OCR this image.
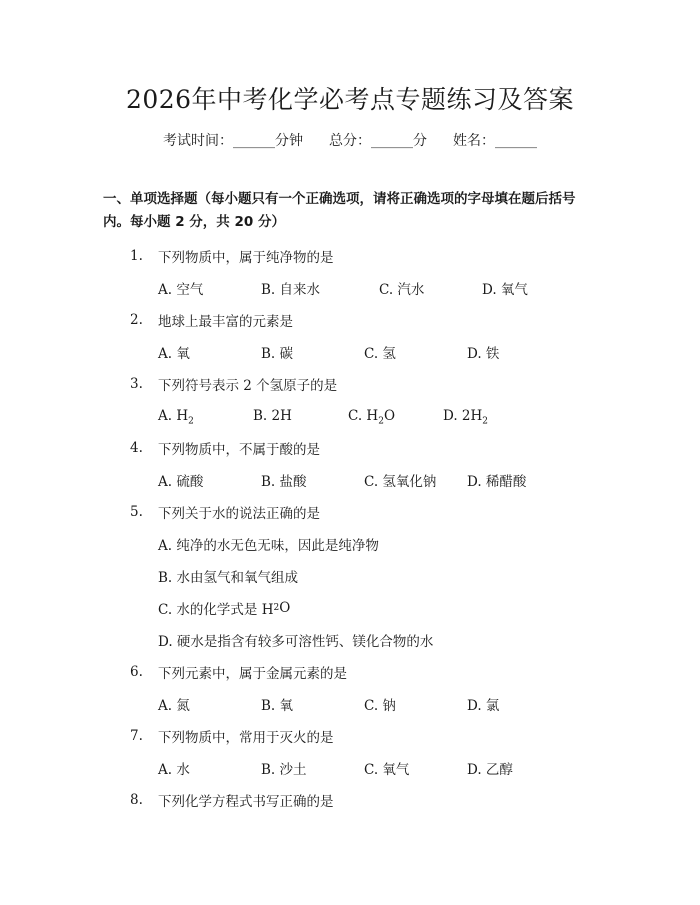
2026年中考化学必考点专题练习及答案
考试时间：______分钟 总分：______分 姓名：______
一、单项选择题（每小题只有一个正确选项，请将正确选项的字母填在题后括号
内。每小题 2 分，共 20 分）
1.	下列物质中，属于纯净物的是
A. 空气	B. 自来水	C. 汽水	D. 氧气
2.	地球上最丰富的元素是
A. 氧	B. 碳	C. 氢	D. 铁
3.	下列符号表示 2 个氢原子的是
A. $H_2$	B. 2H	C. $H_2O$	D. $2H_2$
4.	下列物质中，不属于酸的是
A. 硫酸	B. 盐酸	C. 氢氧化钠	D. 稀醋酸
5.	下列关于水的说法正确的是
A. 纯净的水无色无味，因此是纯净物
B. 水由氢气和氧气组成
C. 水的化学式是 H 2 O
D. 硬水是指含有较多可溶性钙、镁化合物的水
6.	下列元素中，属于金属元素的是
A. 氮	B. 氧	C. 钠	D. 氯
7.	下列物质中，常用于灭火的是
A. 水	B. 沙土	C. 氧气	D. 乙醇
8.	下列化学方程式书写正确的是
